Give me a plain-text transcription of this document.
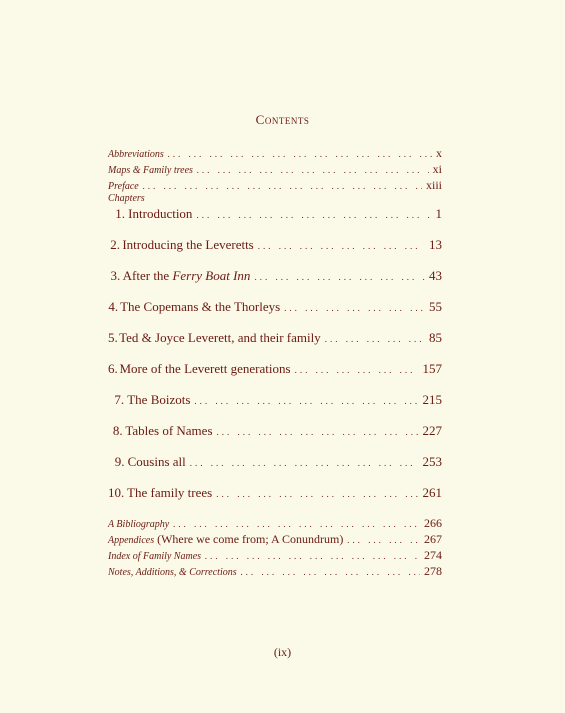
Contents
Abbreviations ... .	x
Maps & Family trees ... .	xi
Preface ... .	xiii
Chapters
1. Introduction ... .	1
2. Introducing the Leveretts ... .	13
3. After the Ferry Boat Inn ... .	43
4. The Copemans & the Thorleys ... .	55
5. Ted & Joyce Leverett, and their family ... .	85
6. More of the Leverett generations ... .	157
7. The Boizots ... .	215
8. Tables of Names ... .	227
9. Cousins all ... .	253
10. The family trees ... .	261
A Bibliography ... .	266
Appendices (Where we come from; A Conundrum) ... .	267
Index of Family Names ... .	274
Notes, Additions, & Corrections ... .	278
(ix)
